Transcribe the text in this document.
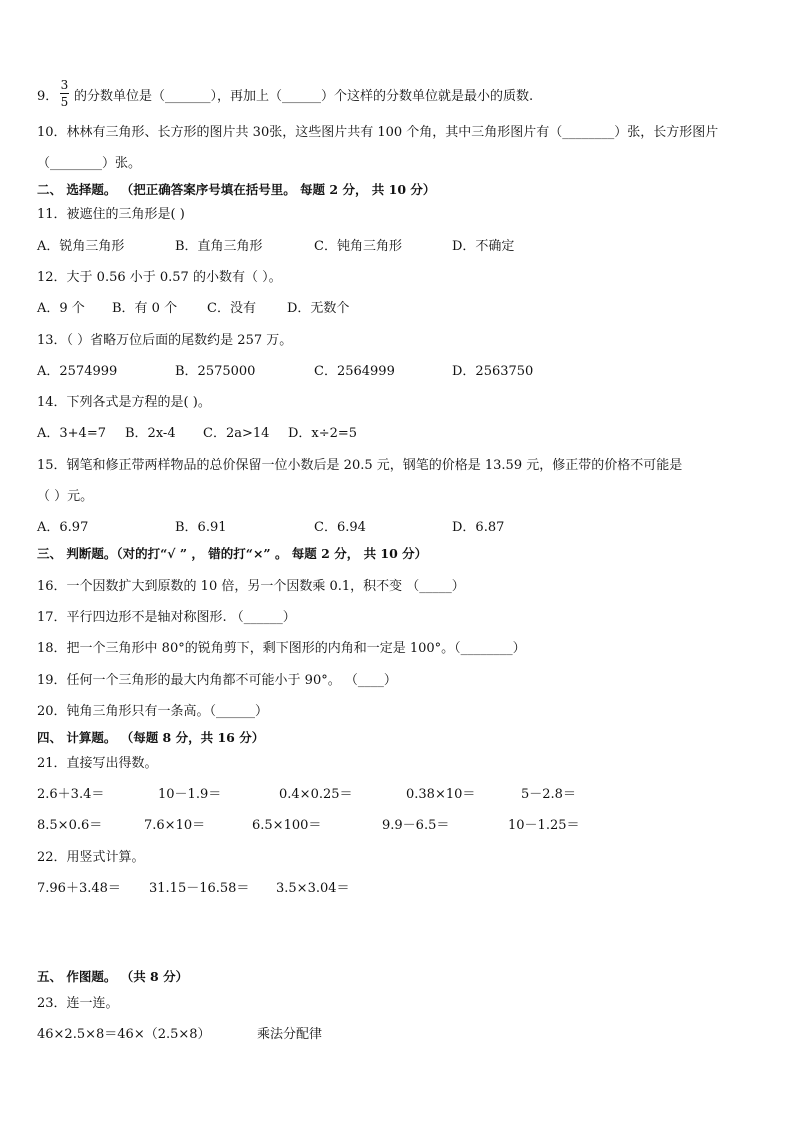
9．
3
5 的分数单位是（_______），再加上（______）个这样的分数单位就是最小的质数.
10．林林有三角形、长方形的图片共 30张，这些图片共有 100 个角，其中三角形图片有（________）张，长方形图片
（________）张。
二、 选择题。 （把正确答案序号填在括号里。 每题 2 分， 共 10 分）
11．被遮住的三角形是( )
A．锐角三角形	B．直角三角形	C．钝角三角形	D．不确定
12．大于 0.56 小于 0.57 的小数有（ ）。
A．9 个 B．有 0 个 C．没有 D．无数个
13．（ ）省略万位后面的尾数约是 257 万。
A．2574999	B．2575000	C．2564999	D．2563750
14．下列各式是方程的是( )。
A．3+4=7 B．2x-4 C．2a>14 D．x÷2=5
15．钢笔和修正带两样物品的总价保留一位小数后是 20.5 元，钢笔的价格是 13.59 元，修正带的价格不可能是
（ ）元。
A．6.97	B．6.91	C．6.94	D．6.87
三、 判断题。（对的打“√ ” ， 错的打“×” 。 每题 2 分， 共 10 分）
16．一个因数扩大到原数的 10 倍，另一个因数乘 0.1，积不变 （_____）
17．平行四边形不是轴对称图形. （______）
18．把一个三角形中 80°的锐角剪下，剩下图形的内角和一定是 100°。（________）
19．任何一个三角形的最大内角都不可能小于 90°。 （____）
20．钝角三角形只有一条高。（______）
四、 计算题。 （每题 8 分，共 16 分）
21．直接写出得数。
2.6＋3.4＝	10－1.9＝	0.4×0.25＝	0.38×10＝	5－2.8＝
8.5×0.6＝	7.6×10＝	6.5×100＝	9.9－6.5＝	10－1.25＝
22．用竖式计算。
7.96＋3.48＝ 31.15－16.58＝ 3.5×3.04＝
五、 作图题。 （共 8 分）
23．连一连。
46×2.5×8＝46×（2.5×8）	乘法分配律
